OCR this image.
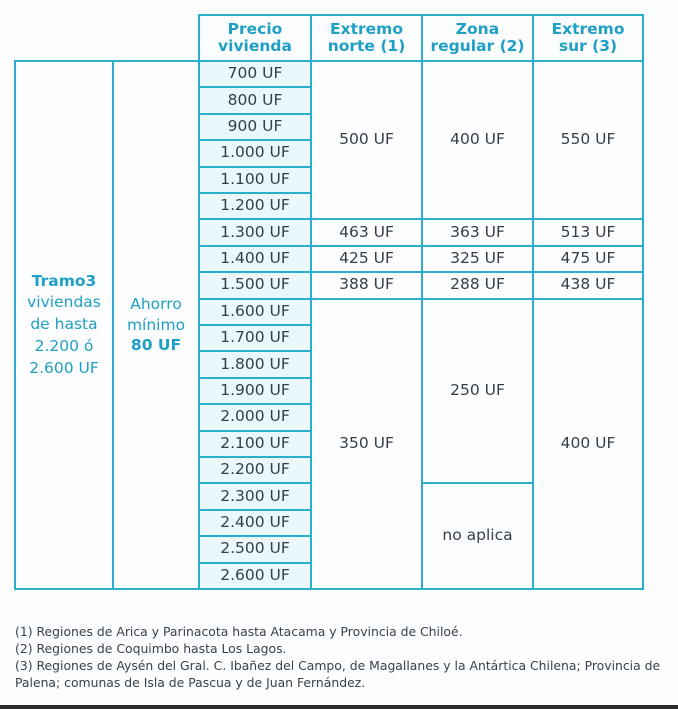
Precio
vivienda
Extremo
norte (1)
Zona
regular (2)
Extremo
sur (3)
Tramo3
viviendas
de hasta
2.200 ó
2.600 UF
Ahorro
mínimo
80 UF
700 UF
800 UF
900 UF
1.000 UF
1.100 UF
1.200 UF
1.300 UF
1.400 UF
1.500 UF
1.600 UF
1.700 UF
1.800 UF
1.900 UF
2.000 UF
2.100 UF
2.200 UF
2.300 UF
2.400 UF
2.500 UF
2.600 UF
500 UF
463 UF
425 UF
388 UF
350 UF
400 UF
363 UF
325 UF
288 UF
250 UF
no aplica
550 UF
513 UF
475 UF
438 UF
400 UF
(1) Regiones de Arica y Parinacota hasta Atacama y Provincia de Chiloé.
(2) Regiones de Coquimbo hasta Los Lagos.
(3) Regiones de Aysén del Gral. C. Ibañez del Campo, de Magallanes y la Antártica Chilena; Provincia de Palena; comunas de Isla de Pascua y de Juan Fernández.
